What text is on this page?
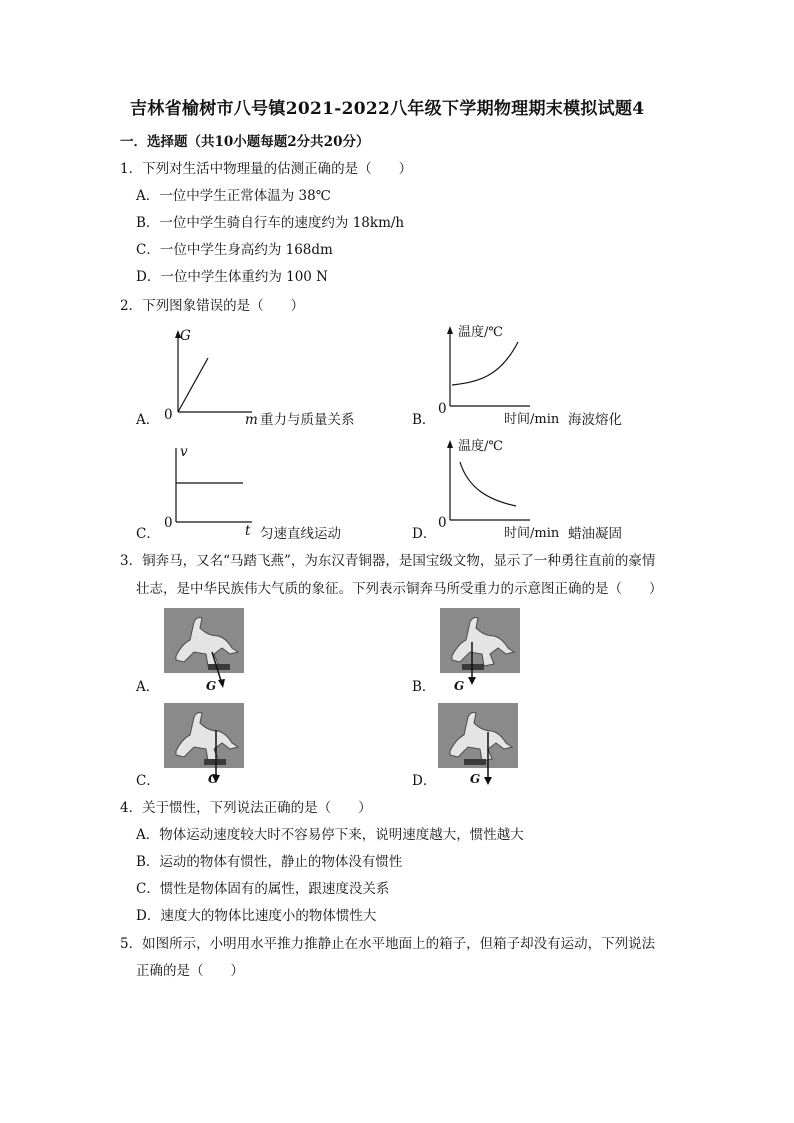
吉林省榆树市八号镇2021-2022八年级下学期物理期末模拟试题4
一．选择题（共10小题每题2分共20分）
1．下列对生活中物理量的估测正确的是（　　）
A．一位中学生正常体温为 38℃
B．一位中学生骑自行车的速度约为 18km/h
C．一位中学生身高约为 168dm
D．一位中学生体重约为 100 N
2．下列图象错误的是（　　）
A．
G
0	m 重力与质量关系	B．
温度/℃
0
时间/min 海波熔化
C．
v
0	t 匀速直线运动	D．
温度/℃
0
时间/min 蜡油凝固
3．铜奔马，又名“马踏飞燕”，为东汉青铜器，是国宝级文物，显示了一种勇往直前的豪情
壮志，是中华民族伟大气质的象征。下列表示铜奔马所受重力的示意图正确的是（　　）
A．	G	B． G
C．	G	D．	G
4．关于惯性，下列说法正确的是（　　）
A．物体运动速度较大时不容易停下来，说明速度越大，惯性越大
B．运动的物体有惯性，静止的物体没有惯性
C．惯性是物体固有的属性，跟速度没关系
D．速度大的物体比速度小的物体惯性大
5．如图所示，小明用水平推力推静止在水平地面上的箱子，但箱子却没有运动，下列说法
正确的是（　　）
